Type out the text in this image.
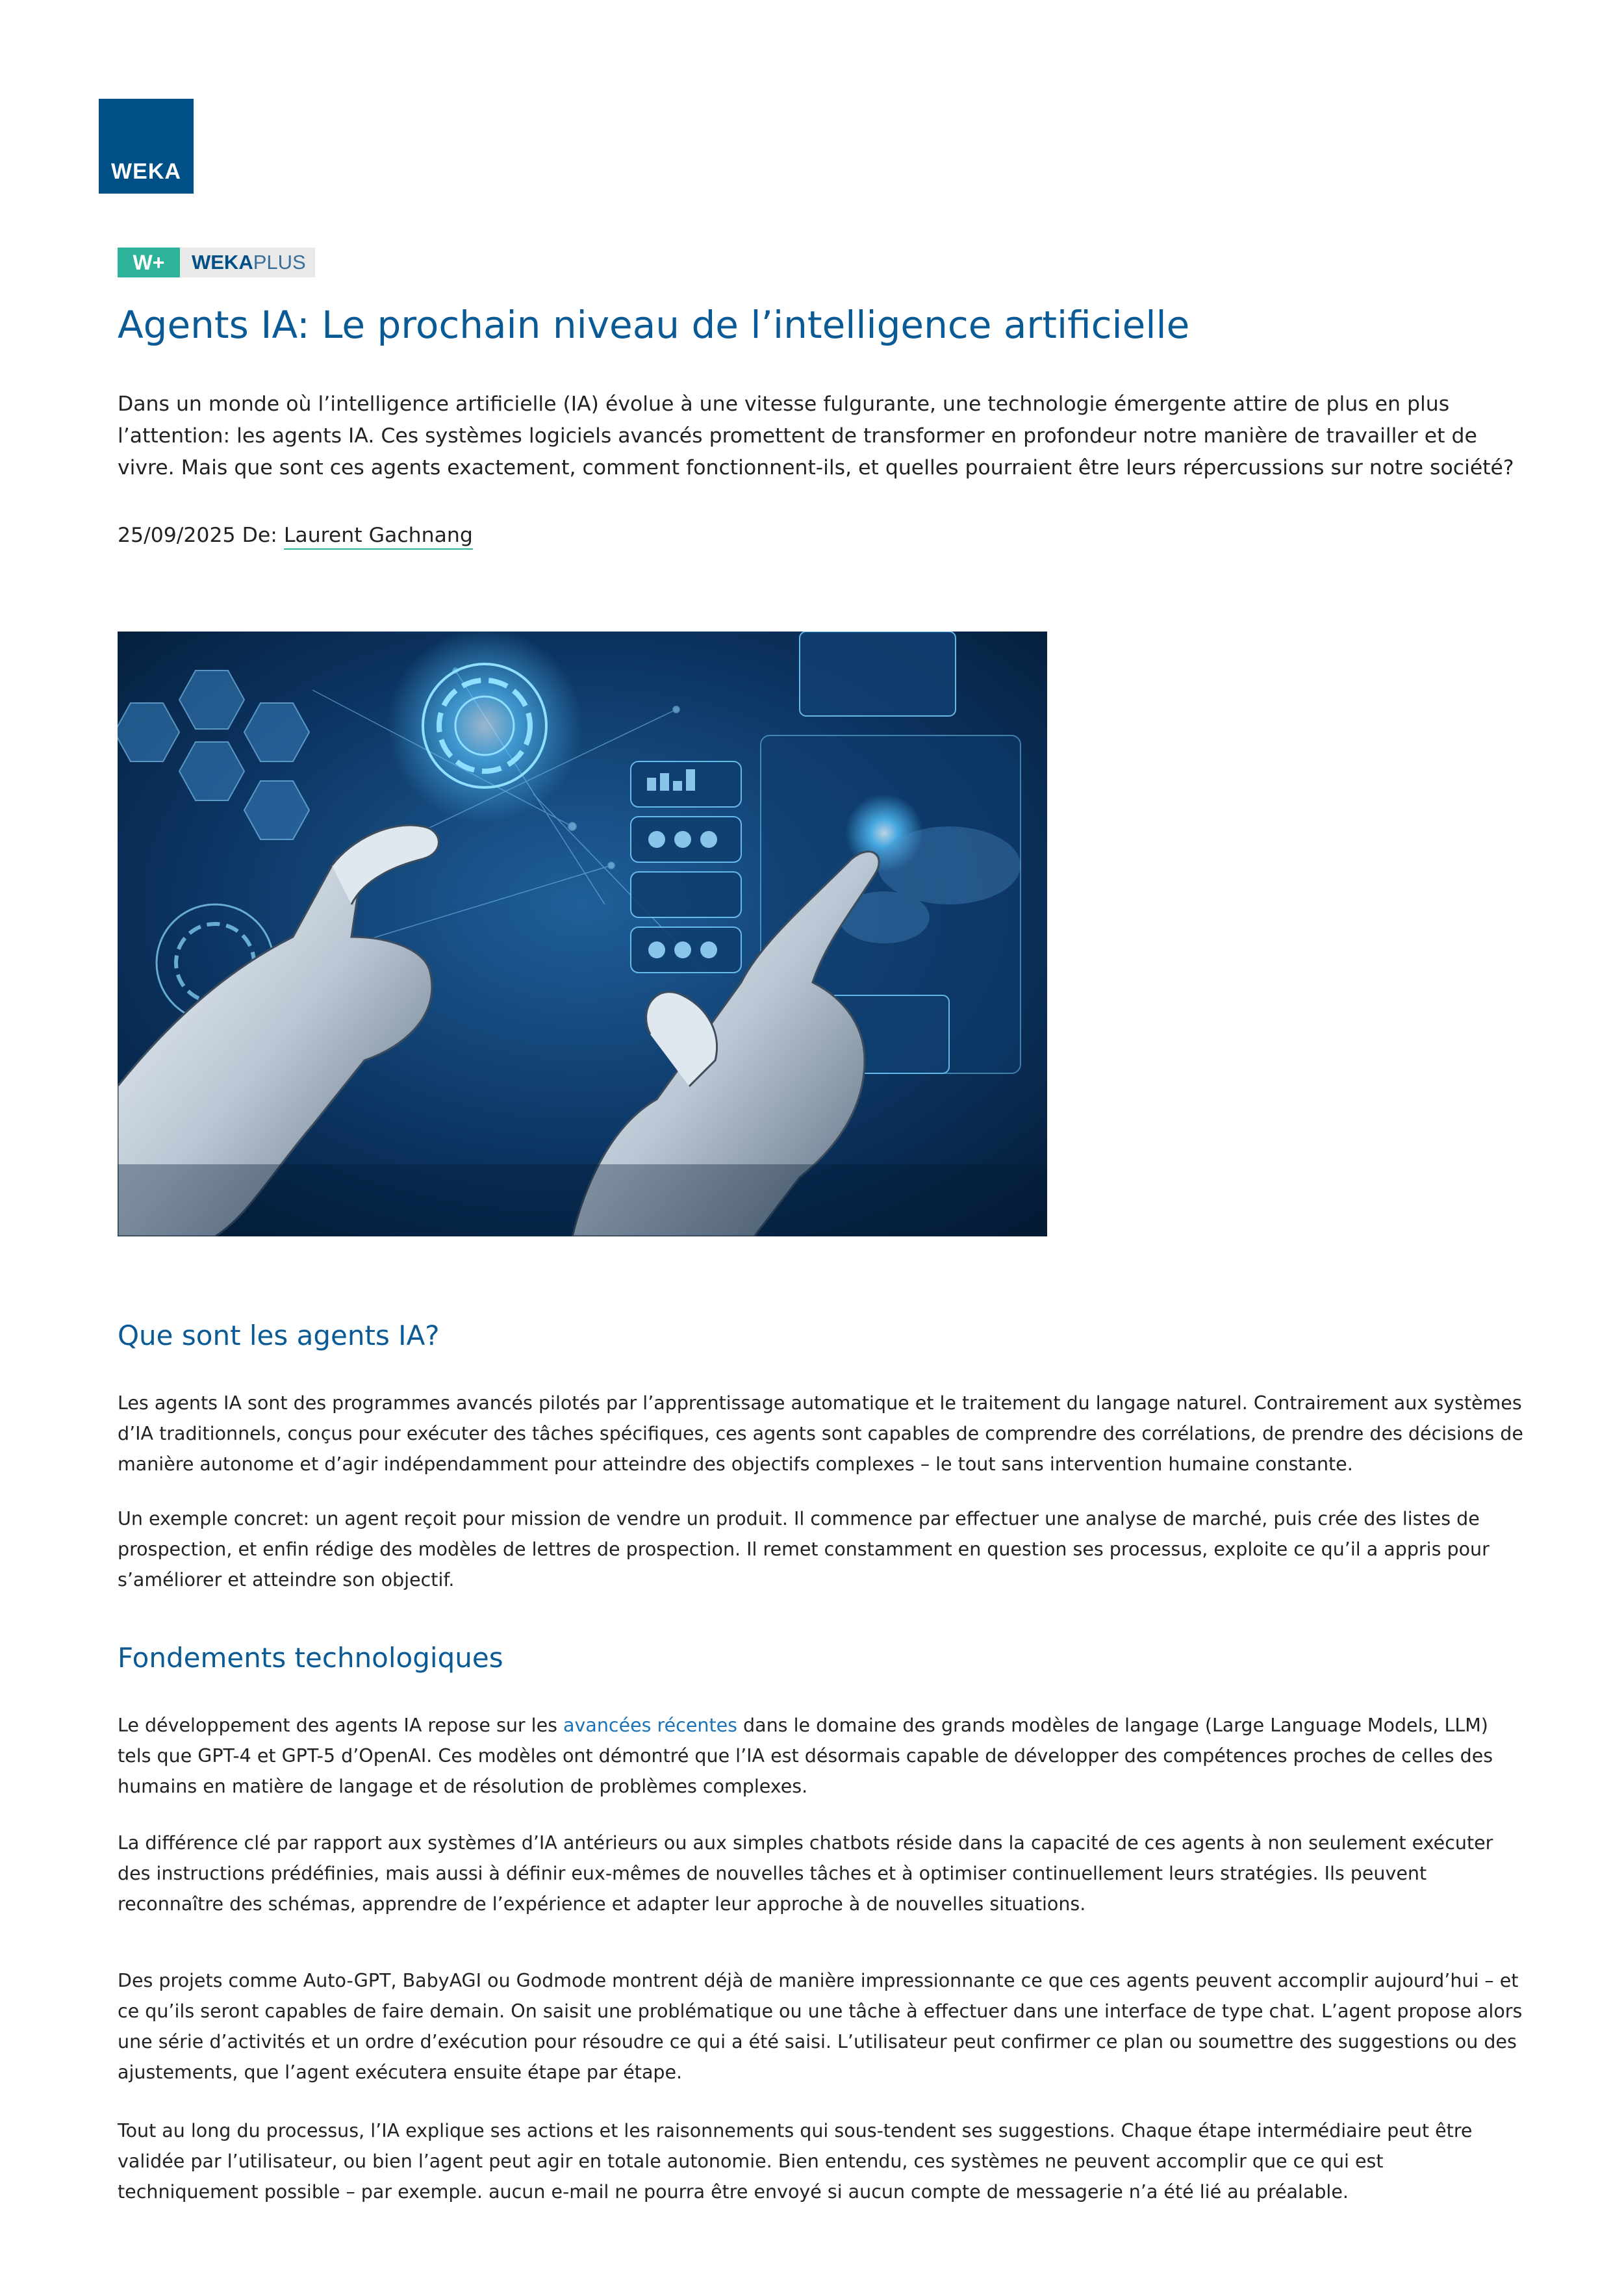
WEKA
W+	WEKAPLUS
Agents IA: Le prochain niveau de l’intelligence artificielle

Dans un monde où l’intelligence artificielle (IA) évolue à une vitesse fulgurante, une technologie émergente attire de plus en plus l’attention: les agents IA. Ces systèmes logiciels avancés promettent de transformer en profondeur notre manière de travailler et de vivre. Mais que sont ces agents exactement, comment fonctionnent-ils, et quelles pourraient être leurs répercussions sur notre société?

25/09/2025 De: Laurent Gachnang

Que sont les agents IA?

Les agents IA sont des programmes avancés pilotés par l’apprentissage automatique et le traitement du langage naturel. Contrairement aux systèmes d’IA traditionnels, conçus pour exécuter des tâches spécifiques, ces agents sont capables de comprendre des corrélations, de prendre des décisions de manière autonome et d’agir indépendamment pour atteindre des objectifs complexes – le tout sans intervention humaine constante.

Un exemple concret: un agent reçoit pour mission de vendre un produit. Il commence par effectuer une analyse de marché, puis crée des listes de prospection, et enfin rédige des modèles de lettres de prospection. Il remet constamment en question ses processus, exploite ce qu’il a appris pour s’améliorer et atteindre son objectif.

Fondements technologiques

Le développement des agents IA repose sur les avancées récentes dans le domaine des grands modèles de langage (Large Language Models, LLM) tels que GPT-4 et GPT-5 d’OpenAI. Ces modèles ont démontré que l’IA est désormais capable de développer des compétences proches de celles des humains en matière de langage et de résolution de problèmes complexes.

La différence clé par rapport aux systèmes d’IA antérieurs ou aux simples chatbots réside dans la capacité de ces agents à non seulement exécuter des instructions prédéfinies, mais aussi à définir eux-mêmes de nouvelles tâches et à optimiser continuellement leurs stratégies. Ils peuvent reconnaître des schémas, apprendre de l’expérience et adapter leur approche à de nouvelles situations.

Des projets comme Auto-GPT, BabyAGI ou Godmode montrent déjà de manière impressionnante ce que ces agents peuvent accomplir aujourd’hui – et ce qu’ils seront capables de faire demain. On saisit une problématique ou une tâche à effectuer dans une interface de type chat. L’agent propose alors une série d’activités et un ordre d’exécution pour résoudre ce qui a été saisi. L’utilisateur peut confirmer ce plan ou soumettre des suggestions ou des ajustements, que l’agent exécutera ensuite étape par étape.

Tout au long du processus, l’IA explique ses actions et les raisonnements qui sous-tendent ses suggestions. Chaque étape intermédiaire peut être validée par l’utilisateur, ou bien l’agent peut agir en totale autonomie. Bien entendu, ces systèmes ne peuvent accomplir que ce qui est techniquement possible – par exemple. aucun e-mail ne pourra être envoyé si aucun compte de messagerie n’a été lié au préalable.
